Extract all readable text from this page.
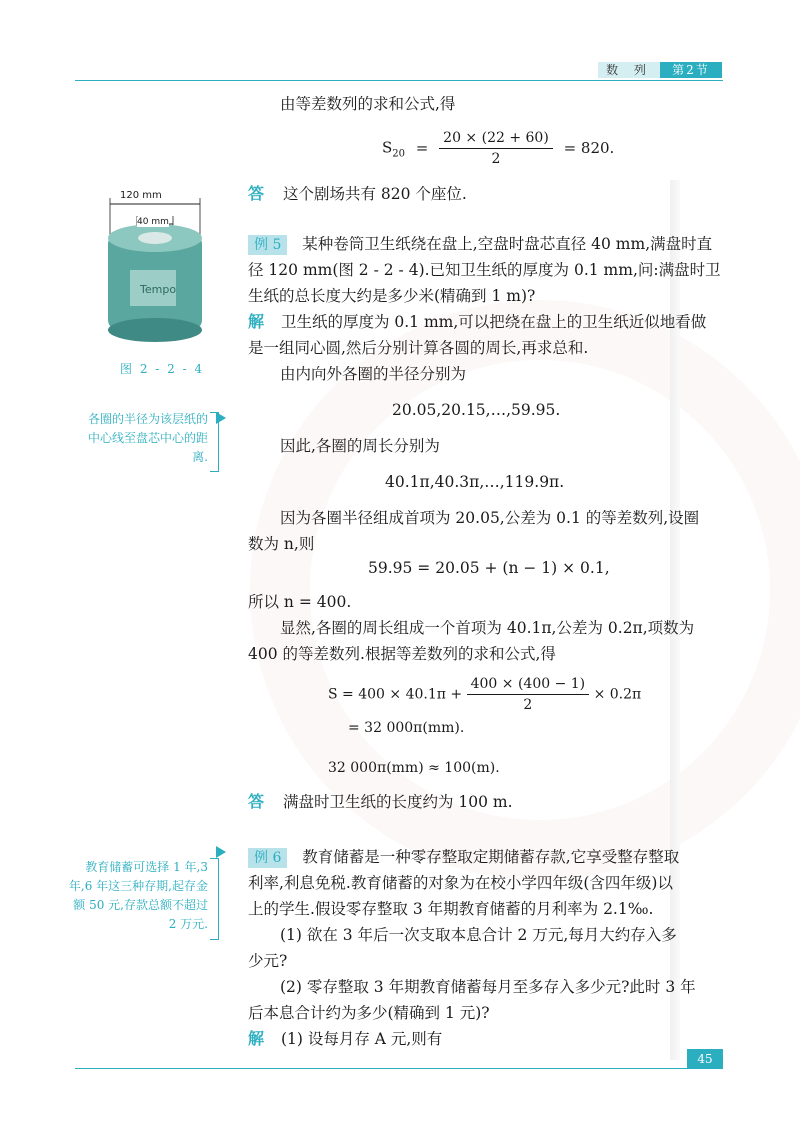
数 列	第2节
由等差数列的求和公式,得
$S_{20} = \frac{20 \times (22 + 60)}{2} = 820$.
答 这个剧场共有 820 个座位.
Tempo
120 mm
40 mm
图 2 - 2 - 4
各圈的半径为该层纸的中心线至盘芯中心的距离.
例 5 某种卷筒卫生纸绕在盘上,空盘时盘芯直径 40 mm,满盘时直
径 120 mm(图 2 - 2 - 4).已知卫生纸的厚度为 0.1 mm,问:满盘时卫
生纸的总长度大约是多少米(精确到 1 m)?
解 卫生纸的厚度为 0.1 mm,可以把绕在盘上的卫生纸近似地看做
是一组同心圆,然后分别计算各圆的周长,再求总和.
由内向外各圈的半径分别为
20.05,20.15,…,59.95.
因此,各圈的周长分别为
40.1π,40.3π,…,119.9π.
因为各圈半径组成首项为 20.05,公差为 0.1 的等差数列,设圈
数为 n,则
59.95 = 20.05 + (n − 1) × 0.1,
所以 n = 400.
显然,各圈的周长组成一个首项为 40.1π,公差为 0.2π,项数为
400 的等差数列.根据等差数列的求和公式,得
$S = 400 \times 40.1\pi + \frac{400 \times (400 - 1)}{2} \times 0.2\pi$
= 32 000π(mm).
32 000π(mm) ≈ 100(m).
答 满盘时卫生纸的长度约为 100 m.
教育储蓄可选择 1 年,3 年,6 年这三种存期,起存金额 50 元,存款总额不超过 2 万元.
例 6 教育储蓄是一种零存整取定期储蓄存款,它享受整存整取
利率,利息免税.教育储蓄的对象为在校小学四年级(含四年级)以
上的学生.假设零存整取 3 年期教育储蓄的月利率为 2.1‰.
(1) 欲在 3 年后一次支取本息合计 2 万元,每月大约存入多
少元?
(2) 零存整取 3 年期教育储蓄每月至多存入多少元?此时 3 年
后本息合计约为多少(精确到 1 元)?
解 (1) 设每月存 A 元,则有
45
